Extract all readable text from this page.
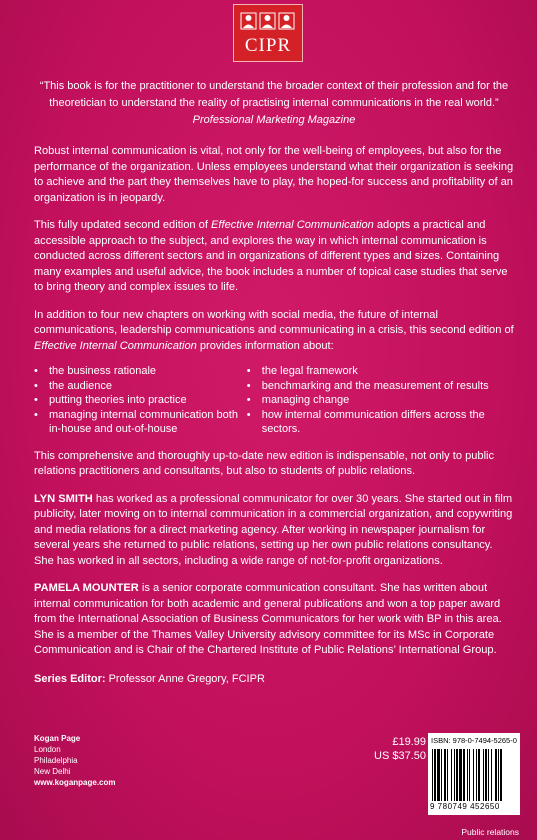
CIPR

“This book is for the practitioner to understand the broader context of their profession and for the theoretician to understand the reality of practising internal communications in the real world.”

Professional Marketing Magazine

Robust internal communication is vital, not only for the well-being of employees, but also for the performance of the organization. Unless employees understand what their organization is seeking to achieve and the part they themselves have to play, the hoped-for success and profitability of an organization is in jeopardy.

This fully updated second edition of Effective Internal Communication adopts a practical and accessible approach to the subject, and explores the way in which internal communication is conducted across different sectors and in organizations of different types and sizes. Containing many examples and useful advice, the book includes a number of topical case studies that serve to bring theory and complex issues to life.

In addition to four new chapters on working with social media, the future of internal communications, leadership communications and communicating in a crisis, this second edition of Effective Internal Communication provides information about:

• the business rationale
• the audience
• putting theories into practice
• managing internal communication both in-house and out-of-house
• the legal framework
• benchmarking and the measurement of results
• managing change
• how internal communication differs across the sectors.

This comprehensive and thoroughly up-to-date new edition is indispensable, not only to public relations practitioners and consultants, but also to students of public relations.

LYN SMITH has worked as a professional communicator for over 30 years. She started out in film publicity, later moving on to internal communication in a commercial organization, and copywriting and media relations for a direct marketing agency. After working in newspaper journalism for several years she returned to public relations, setting up her own public relations consultancy. She has worked in all sectors, including a wide range of not-for-profit organizations.

PAMELA MOUNTER is a senior corporate communication consultant. She has written about internal communication for both academic and general publications and won a top paper award from the International Association of Business Communicators for her work with BP in this area. She is a member of the Thames Valley University advisory committee for its MSc in Corporate Communication and is Chair of the Chartered Institute of Public Relations’ International Group.

Series Editor: Professor Anne Gregory, FCIPR
Kogan Page
London
Philadelphia
New Delhi
www.koganpage.com
£19.99
US $37.50
ISBN: 978-0-7494-5265-0
9 780749 452650
Public relations
